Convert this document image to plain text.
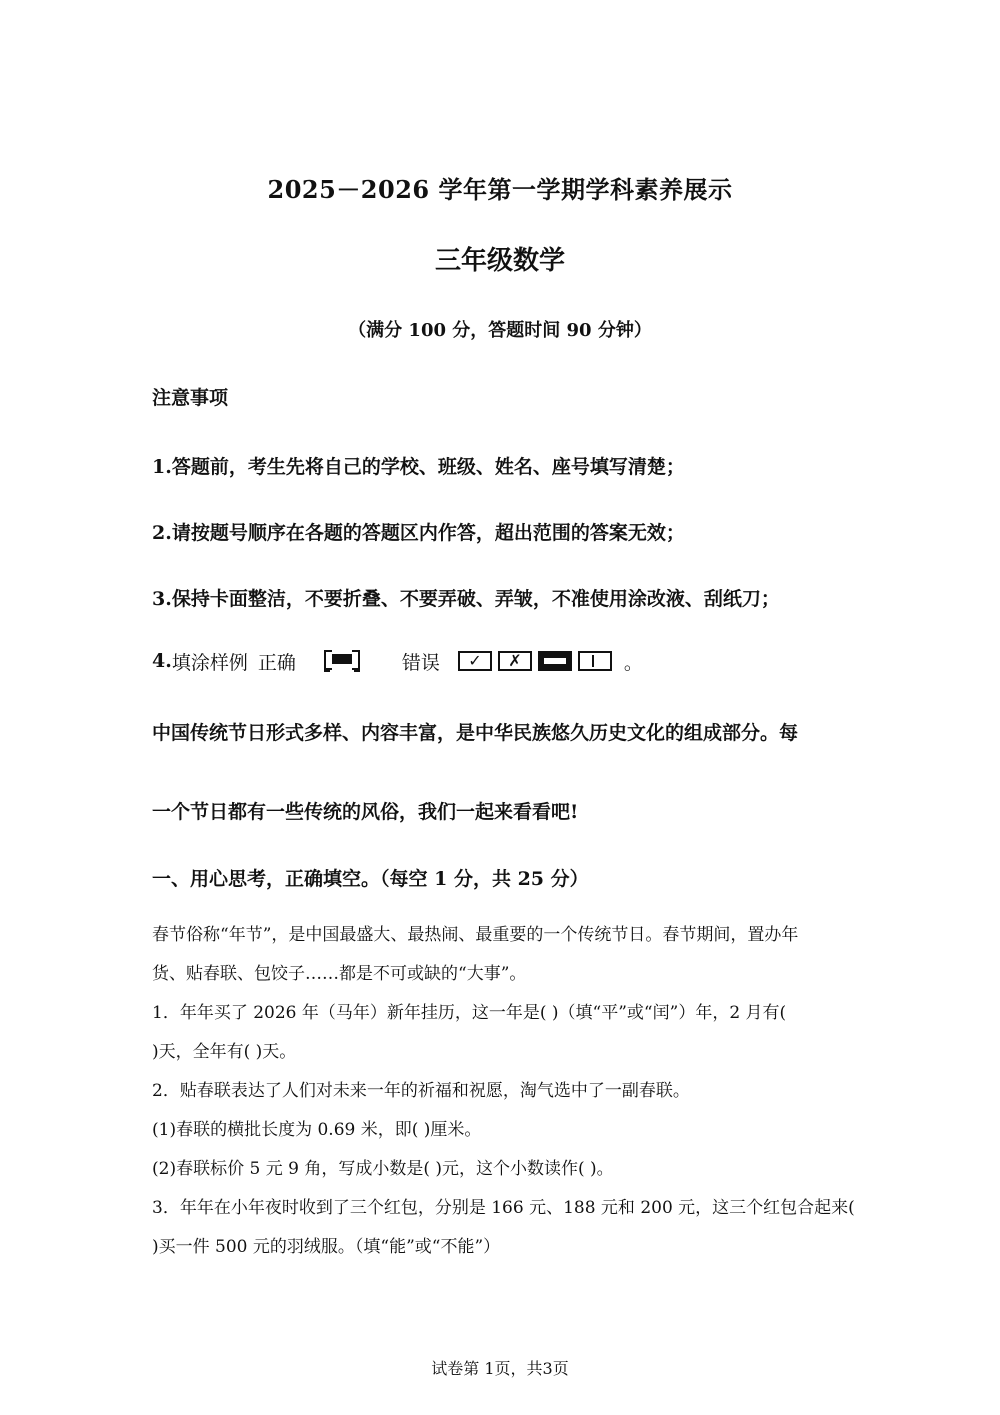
2025－2026 学年第一学期学科素养展示
三年级数学
（满分 100 分，答题时间 90 分钟）
注意事项
1.答题前，考生先将自己的学校、班级、姓名、座号填写清楚；
2.请按题号顺序在各题的答题区内作答，超出范围的答案无效；
3.保持卡面整洁，不要折叠、不要弄破、弄皱，不准使用涂改液、刮纸刀；
4. 填涂样例 正确	错误	✓	✗	。
中国传统节日形式多样、内容丰富，是中华民族悠久历史文化的组成部分。每
一个节日都有一些传统的风俗，我们一起来看看吧!
一、用心思考，正确填空。（每空 1 分，共 25 分）
春节俗称“年节”，是中国最盛大、最热闹、最重要的一个传统节日。春节期间，置办年
货、贴春联、包饺子……都是不可或缺的“大事”。
1．年年买了 2026 年（马年）新年挂历，这一年是( )（填“平”或“闰”）年，2 月有(
)天，全年有( )天。
2．贴春联表达了人们对未来一年的祈福和祝愿，淘气选中了一副春联。
(1)春联的横批长度为 0.69 米，即( )厘米。
(2)春联标价 5 元 9 角，写成小数是( )元，这个小数读作( )。
3．年年在小年夜时收到了三个红包，分别是 166 元、188 元和 200 元，这三个红包合起来(
)买一件 500 元的羽绒服。（填“能”或“不能”）
试卷第 1页，共3页
